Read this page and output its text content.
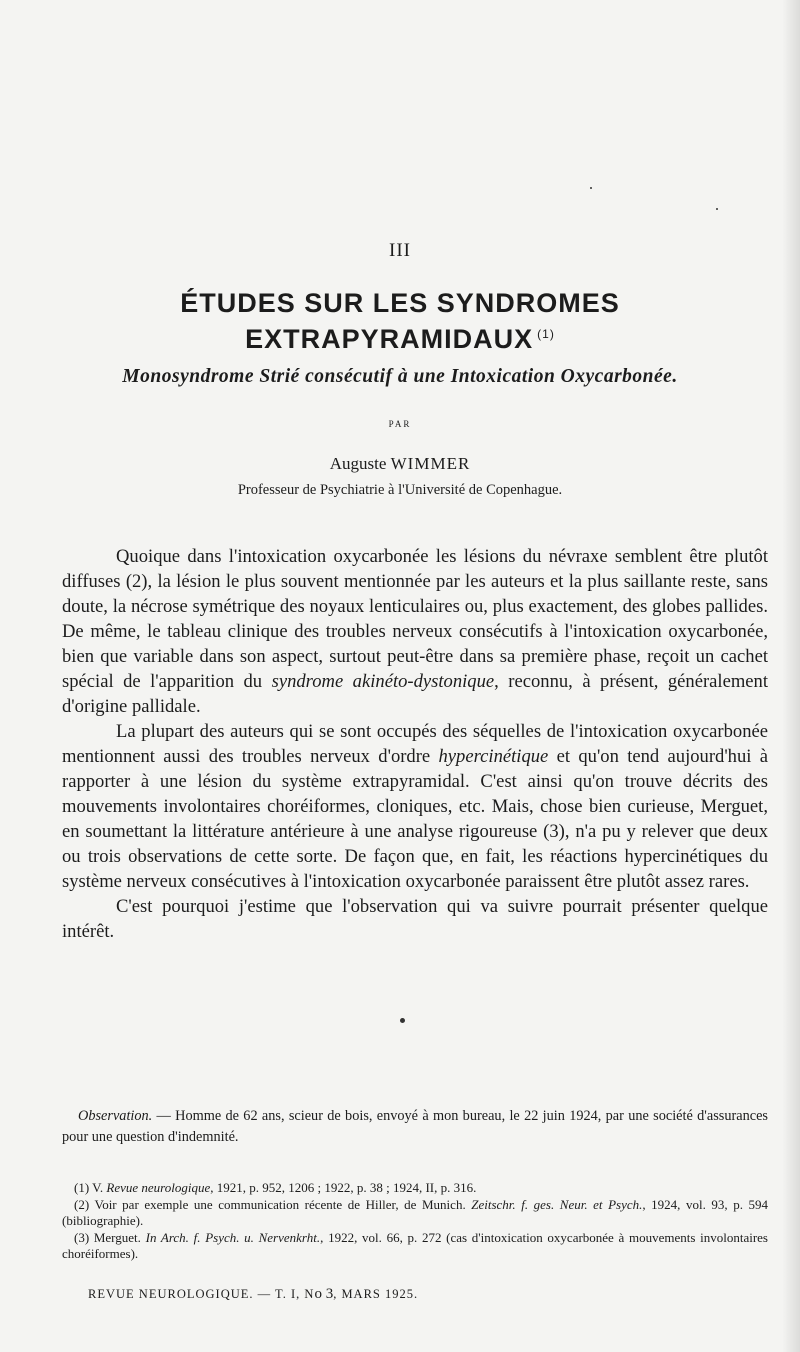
III
ÉTUDES SUR LES SYNDROMES
EXTRAPYRAMIDAUX $^{(1)}$
Monosyndrome Strié consécutif à une Intoxication Oxycarbonée.
PAR
Auguste WIMMER
Professeur de Psychiatrie à l'Université de Copenhague.

Quoique dans l'intoxication oxycarbonée les lésions du névraxe semblent être plutôt diffuses (2), la lésion le plus souvent mentionnée par les auteurs et la plus saillante reste, sans doute, la nécrose symétrique des noyaux lenticulaires ou, plus exactement, des globes pallides. De même, le tableau clinique des troubles nerveux consécutifs à l'intoxication oxycarbonée, bien que variable dans son aspect, surtout peut-être dans sa première phase, reçoit un cachet spécial de l'apparition du syndrome akinéto-dystonique, reconnu, à présent, généralement d'origine pallidale.

La plupart des auteurs qui se sont occupés des séquelles de l'intoxication oxycarbonée mentionnent aussi des troubles nerveux d'ordre hypercinétique et qu'on tend aujourd'hui à rapporter à une lésion du système extrapyramidal. C'est ainsi qu'on trouve décrits des mouvements involontaires choréiformes, cloniques, etc. Mais, chose bien curieuse, Merguet, en soumettant la littérature antérieure à une analyse rigoureuse (3), n'a pu y relever que deux ou trois observations de cette sorte. De façon que, en fait, les réactions hypercinétiques du système nerveux consécutives à l'intoxication oxycarbonée paraissent être plutôt assez rares.

C'est pourquoi j'estime que l'observation qui va suivre pourrait présenter quelque intérêt.

Observation. — Homme de 62 ans, scieur de bois, envoyé à mon bureau, le 22 juin 1924, par une société d'assurances pour une question d'indemnité.

(1) V. Revue neurologique, 1921, p. 952, 1206 ; 1922, p. 38 ; 1924, II, p. 316.

(2) Voir par exemple une communication récente de Hiller, de Munich. Zeitschr. f. ges. Neur. et Psych., 1924, vol. 93, p. 594 (bibliographie).

(3) Merguet. In Arch. f. Psych. u. Nervenkrht., 1922, vol. 66, p. 272 (cas d'intoxication oxycarbonée à mouvements involontaires choréiformes).

REVUE NEUROLOGIQUE. — T. I, No 3, MARS 1925.
